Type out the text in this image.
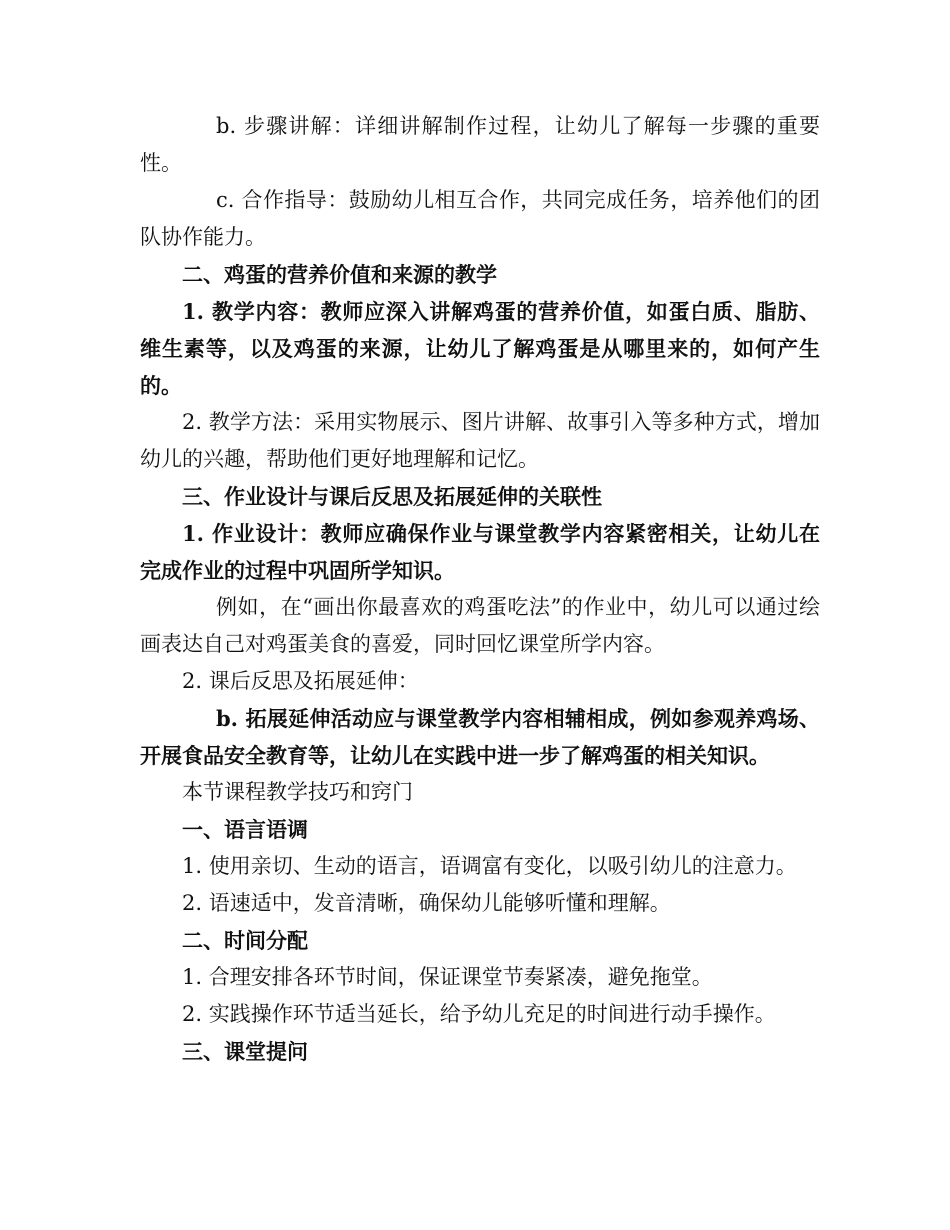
b. 步骤讲解：详细讲解制作过程，让幼儿了解每一步骤的重要性。

c. 合作指导：鼓励幼儿相互合作，共同完成任务，培养他们的团队协作能力。

二、鸡蛋的营养价值和来源的教学

1. 教学内容：教师应深入讲解鸡蛋的营养价值，如蛋白质、脂肪、维生素等，以及鸡蛋的来源，让幼儿了解鸡蛋是从哪里来的，如何产生的。

2. 教学方法：采用实物展示、图片讲解、故事引入等多种方式，增加幼儿的兴趣，帮助他们更好地理解和记忆。

三、作业设计与课后反思及拓展延伸的关联性

1. 作业设计：教师应确保作业与课堂教学内容紧密相关，让幼儿在完成作业的过程中巩固所学知识。

例如，在“画出你最喜欢的鸡蛋吃法”的作业中，幼儿可以通过绘画表达自己对鸡蛋美食的喜爱，同时回忆课堂所学内容。

2. 课后反思及拓展延伸：

b. 拓展延伸活动应与课堂教学内容相辅相成，例如参观养鸡场、开展食品安全教育等，让幼儿在实践中进一步了解鸡蛋的相关知识。

本节课程教学技巧和窍门

一、语言语调

1. 使用亲切、生动的语言，语调富有变化，以吸引幼儿的注意力。

2. 语速适中，发音清晰，确保幼儿能够听懂和理解。

二、时间分配

1. 合理安排各环节时间，保证课堂节奏紧凑，避免拖堂。

2. 实践操作环节适当延长，给予幼儿充足的时间进行动手操作。

三、课堂提问
